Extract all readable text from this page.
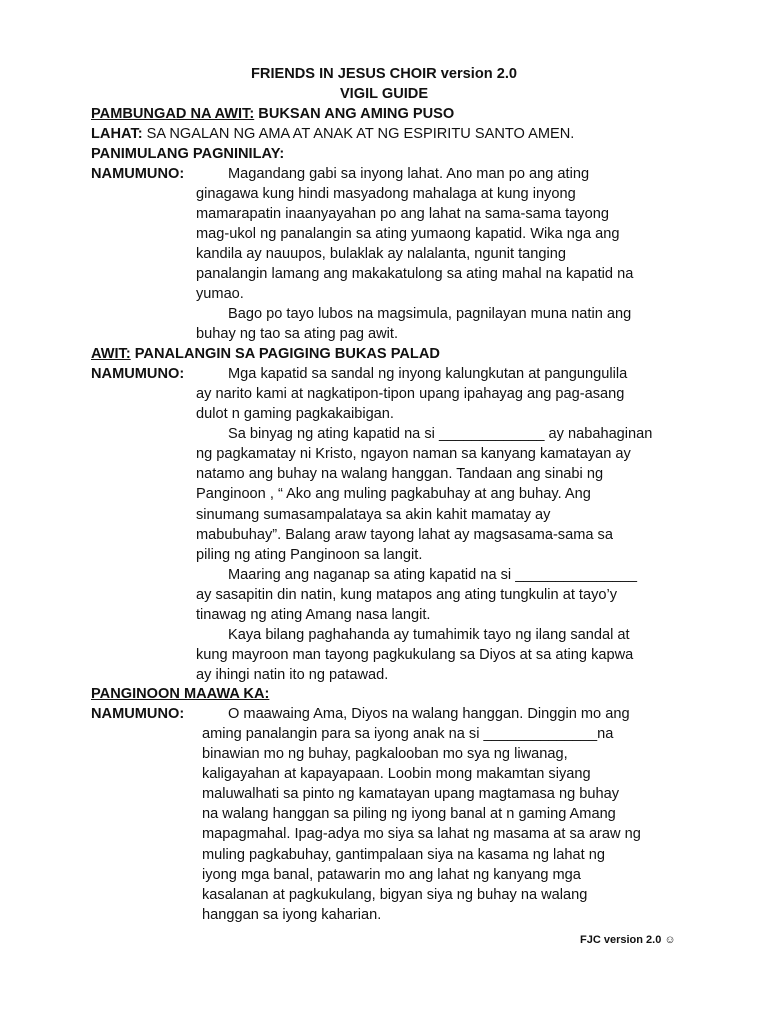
FRIENDS IN JESUS CHOIR version 2.0
VIGIL GUIDE
PAMBUNGAD NA AWIT: BUKSAN ANG AMING PUSO
LAHAT: SA NGALAN NG AMA AT ANAK AT NG ESPIRITU SANTO AMEN.
PANIMULANG PAGNINILAY:
NAMUMUNO:	Magandang gabi sa inyong lahat. Ano man po ang ating
ginagawa kung hindi masyadong mahalaga at kung inyong
mamarapatin inaanyayahan po ang lahat na sama-sama tayong
mag-ukol ng panalangin sa ating yumaong kapatid. Wika nga ang
kandila ay nauupos, bulaklak ay nalalanta, ngunit tanging
panalangin lamang ang makakatulong sa ating mahal na kapatid na
yumao.
Bago po tayo lubos na magsimula, pagnilayan muna natin ang
buhay ng tao sa ating pag awit.
AWIT: PANALANGIN SA PAGIGING BUKAS PALAD
NAMUMUNO:	Mga kapatid sa sandal ng inyong kalungkutan at pangungulila
ay narito kami at nagkatipon-tipon upang ipahayag ang pag-asang
dulot n gaming pagkakaibigan.
Sa binyag ng ating kapatid na si _____________ ay nabahaginan
ng pagkamatay ni Kristo, ngayon naman sa kanyang kamatayan ay
natamo ang buhay na walang hanggan. Tandaan ang sinabi ng
Panginoon , “ Ako ang muling pagkabuhay at ang buhay. Ang
sinumang sumasampalataya sa akin kahit mamatay ay
mabubuhay”. Balang araw tayong lahat ay magsasama-sama sa
piling ng ating Panginoon sa langit.
Maaring ang naganap sa ating kapatid na si _______________
ay sasapitin din natin, kung matapos ang ating tungkulin at tayo’y
tinawag ng ating Amang nasa langit.
Kaya bilang paghahanda ay tumahimik tayo ng ilang sandal at
kung mayroon man tayong pagkukulang sa Diyos at sa ating kapwa
ay ihingi natin ito ng patawad.
PANGINOON MAAWA KA:
NAMUMUNO:	O maawaing Ama, Diyos na walang hanggan. Dinggin mo ang
aming panalangin para sa iyong anak na si ______________na
binawian mo ng buhay, pagkalooban mo sya ng liwanag,
kaligayahan at kapayapaan. Loobin mong makamtan siyang
maluwalhati sa pinto ng kamatayan upang magtamasa ng buhay
na walang hanggan sa piling ng iyong banal at n gaming Amang
mapagmahal. Ipag-adya mo siya sa lahat ng masama at sa araw ng
muling pagkabuhay, gantimpalaan siya na kasama ng lahat ng
iyong mga banal, patawarin mo ang lahat ng kanyang mga
kasalanan at pagkukulang, bigyan siya ng buhay na walang
hanggan sa iyong kaharian.
FJC version 2.0 ☺
